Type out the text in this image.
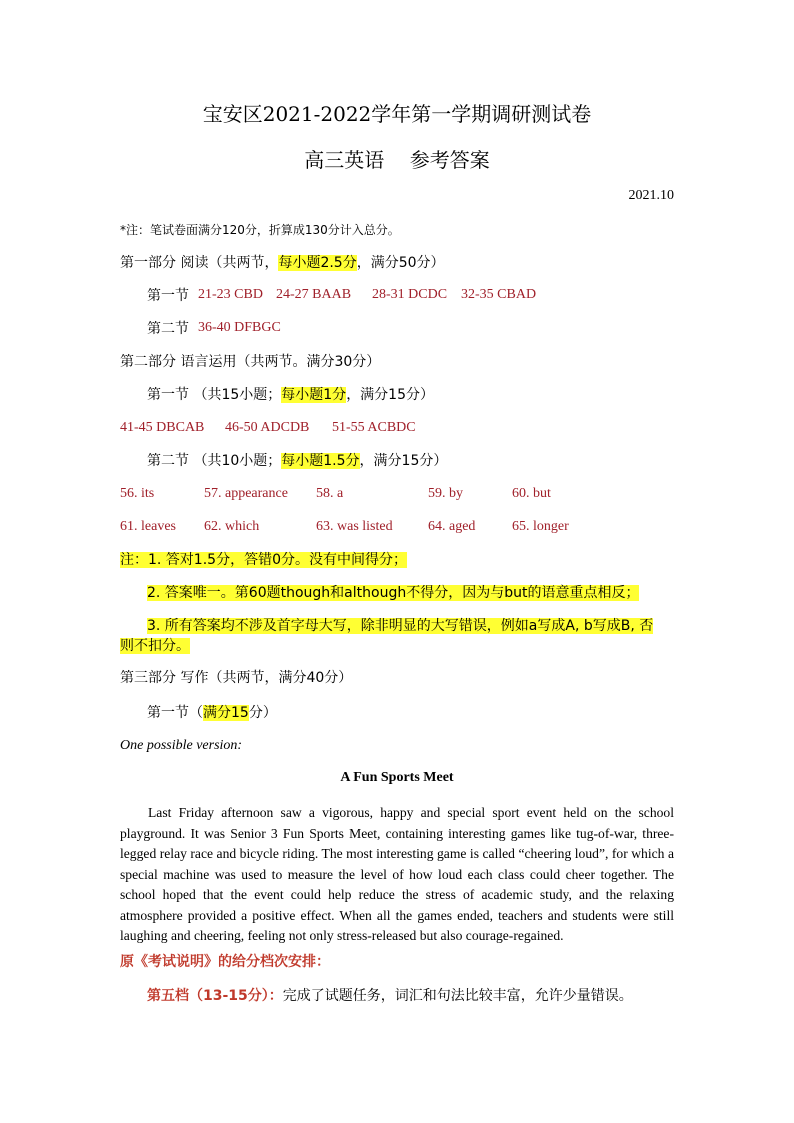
宝安区2021-2022学年第一学期调研测试卷
高三英语    参考答案
2021.10
*注：笔试卷面满分120分，折算成130分计入总分。
第一部分 阅读（共两节，每小题2.5分，满分50分）
第一节 21-23 CBD 24-27 BAAB 28-31 DCDC 32-35 CBAD
第二节 36-40 DFBGC
第二部分 语言运用（共两节。满分30分）
第一节 （共15小题；每小题1分，满分15分）
41-45 DBCAB 46-50 ADCDB 51-55 ACBDC
第二节 （共10小题；每小题1.5分，满分15分）
56. its	57. appearance 58. a	59. by	60. but
61. leaves 62. which	63. was listed	64. aged	65. longer
注：1. 答对1.5分，答错0分。没有中间得分；
2. 答案唯一。第60题though和although不得分，因为与but的语意重点相反；
3. 所有答案均不涉及首字母大写，除非明显的大写错误，例如a写成A, b写成B, 否
则不扣分。
第三部分 写作（共两节，满分40分）
第一节（满分15分）
One possible version:
A Fun Sports Meet

Last Friday afternoon saw a vigorous, happy and special sport event held on the school playground. It was Senior 3 Fun Sports Meet, containing interesting games like tug-of-war, three-legged relay race and bicycle riding. The most interesting game is called “cheering loud”, for which a special machine was used to measure the level of how loud each class could cheer together. The school hoped that the event could help reduce the stress of academic study, and the relaxing atmosphere provided a positive effect. When all the games ended, teachers and students were still laughing and cheering, feeling not only stress-released but also courage-regained.

原《考试说明》的给分档次安排：
第五档（13-15分）：完成了试题任务，词汇和句法比较丰富，允许少量错误。
